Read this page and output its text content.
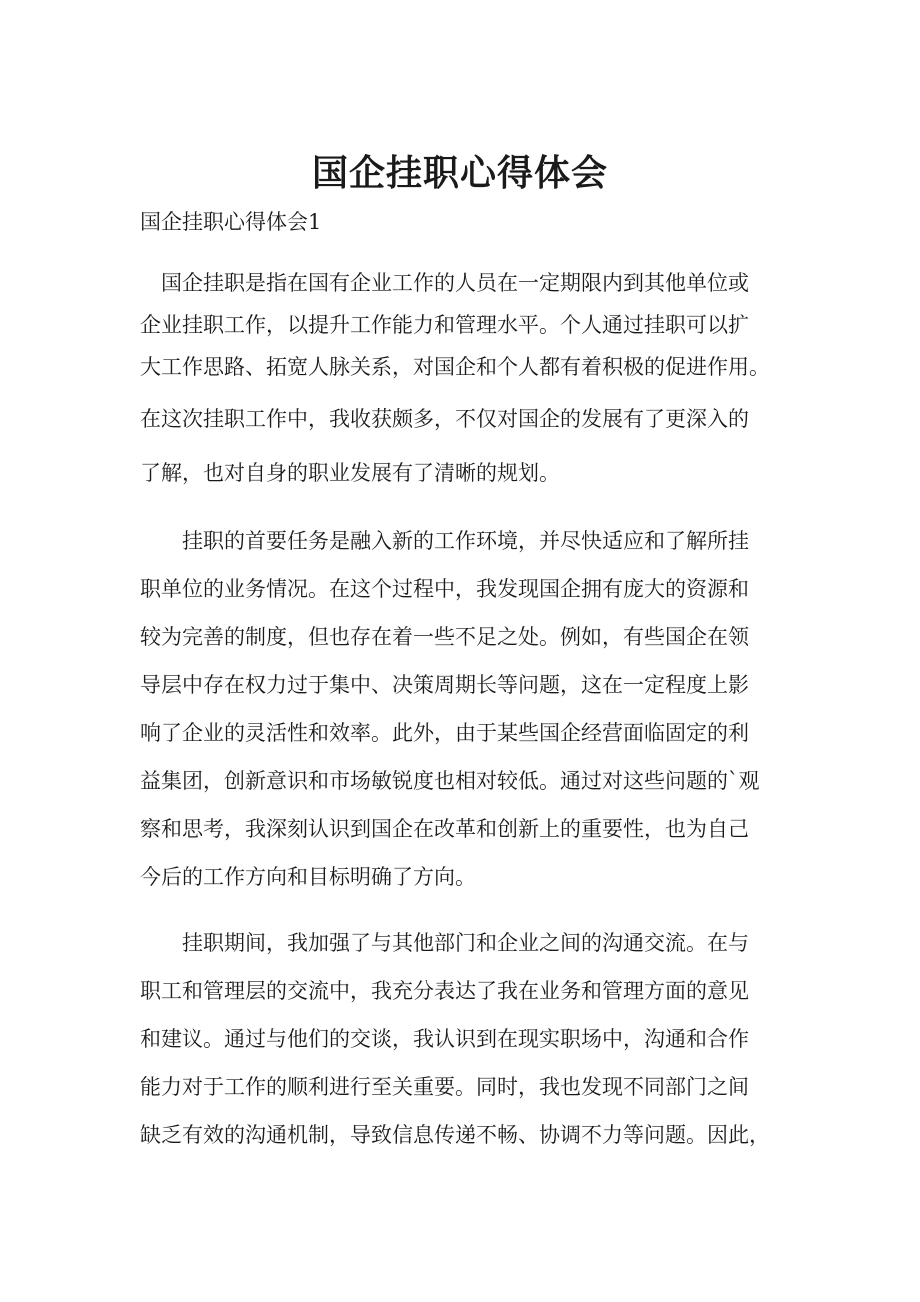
国企挂职心得体会
国企挂职心得体会1
　国企挂职是指在国有企业工作的人员在一定期限内到其他单位或
企业挂职工作，以提升工作能力和管理水平。个人通过挂职可以扩
大工作思路、拓宽人脉关系，对国企和个人都有着积极的促进作用。
在这次挂职工作中，我收获颇多，不仅对国企的发展有了更深入的
了解，也对自身的职业发展有了清晰的规划。
　　挂职的首要任务是融入新的工作环境，并尽快适应和了解所挂
职单位的业务情况。在这个过程中，我发现国企拥有庞大的资源和
较为完善的制度，但也存在着一些不足之处。例如，有些国企在领
导层中存在权力过于集中、决策周期长等问题，这在一定程度上影
响了企业的灵活性和效率。此外，由于某些国企经营面临固定的利
益集团，创新意识和市场敏锐度也相对较低。通过对这些问题的`观
察和思考，我深刻认识到国企在改革和创新上的重要性，也为自己
今后的工作方向和目标明确了方向。
　　挂职期间，我加强了与其他部门和企业之间的沟通交流。在与
职工和管理层的交流中，我充分表达了我在业务和管理方面的意见
和建议。通过与他们的交谈，我认识到在现实职场中，沟通和合作
能力对于工作的顺利进行至关重要。同时，我也发现不同部门之间
缺乏有效的沟通机制，导致信息传递不畅、协调不力等问题。因此，
